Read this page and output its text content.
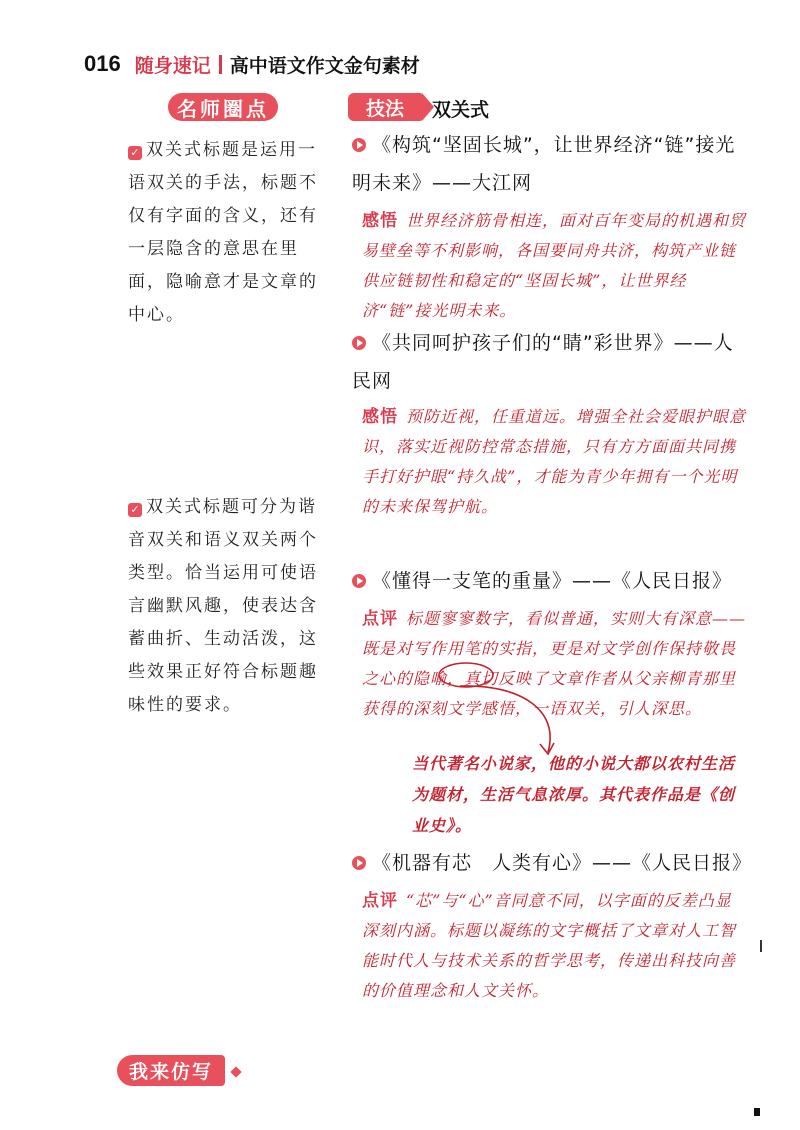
016 随身速记 高中语文作文金句素材
名师圈点	技法	双关式
✓ 双关式标题是运用一语双关的手法，标题不仅有字面的含义，还有一层隐含的意思在里面，隐喻意才是文章的中心。
✓ 双关式标题可分为谐音双关和语义双关两个类型。恰当运用可使语言幽默风趣，使表达含蓄曲折、生动活泼，这些效果正好符合标题趣味性的要求。
《构筑“坚固长城”，让世界经济“链”接光明未来》——大江网
感悟 世界经济筋骨相连，面对百年变局的机遇和贸易壁垒等不利影响，各国要同舟共济，构筑产业链供应链韧性和稳定的“坚固长城”，让世界经济“链”接光明未来。
《共同呵护孩子们的“睛”彩世界》——人民网
感悟 预防近视，任重道远。增强全社会爱眼护眼意识，落实近视防控常态措施，只有方方面面共同携手打好护眼“持久战”，才能为青少年拥有一个光明的未来保驾护航。
《懂得一支笔的重量》——《人民日报》
点评 标题寥寥数字，看似普通，实则大有深意——既是对写作用笔的实指，更是对文学创作保持敬畏之心的隐喻，真切反映了文章作者从父亲柳青那里获得的深刻文学感悟，一语双关，引人深思。
当代著名小说家，他的小说大都以农村生活为题材，生活气息浓厚。其代表作品是《创业史》。
《机器有芯　人类有心》——《人民日报》
点评 “芯”与“心”音同意不同，以字面的反差凸显深刻内涵。标题以凝练的文字概括了文章对人工智能时代人与技术关系的哲学思考，传递出科技向善的价值理念和人文关怀。
我来仿写
